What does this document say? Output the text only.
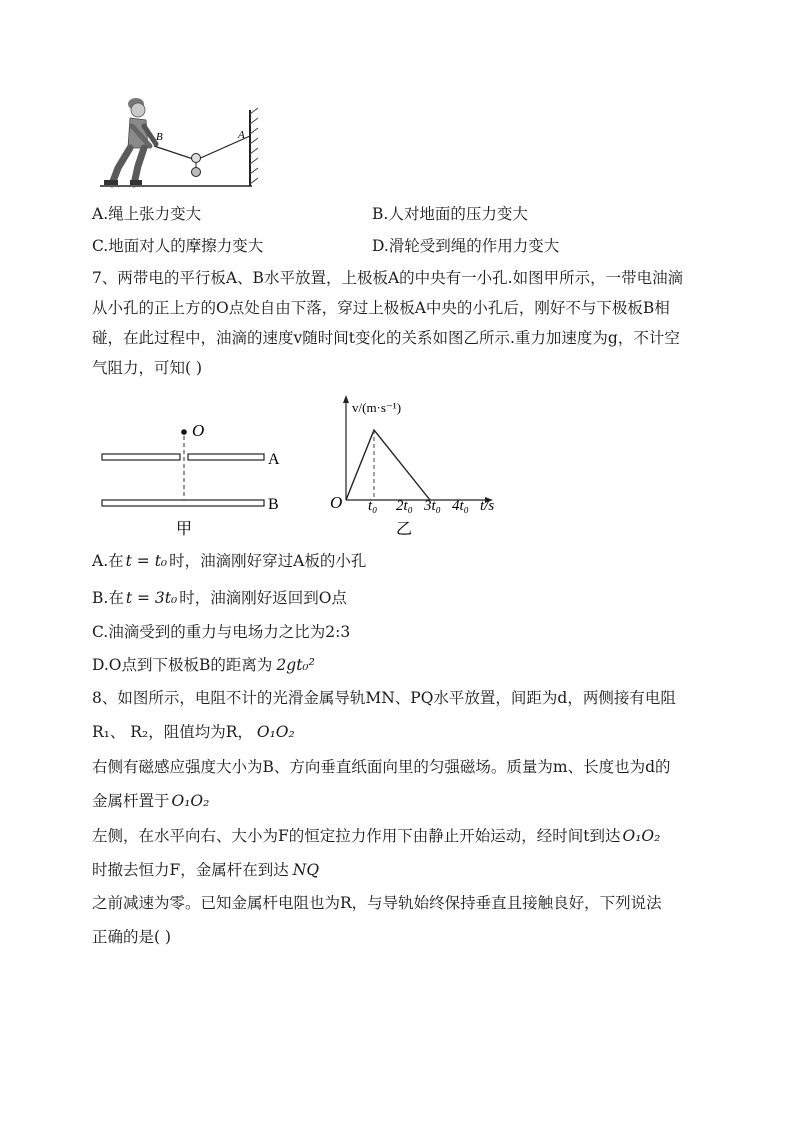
B	A
A.绳上张力变大	B.人对地面的压力变大
C.地面对人的摩擦力变大	D.滑轮受到绳的作用力变大
7、两带电的平行板A、B水平放置，上极板A的中央有一小孔.如图甲所示，一带电油滴
从小孔的正上方的O点处自由下落，穿过上极板A中央的小孔后，刚好不与下极板B相
碰，在此过程中，油滴的速度v随时间t变化的关系如图乙所示.重力加速度为g，不计空
气阻力，可知( )
O
A
B
甲
v/(m·s⁻¹)
O t₀ 2t₀ 3t₀ 4t₀ t/s
乙
A.在 t = t₀ 时，油滴刚好穿过A板的小孔
B.在 t = 3t₀ 时，油滴刚好返回到O点
C.油滴受到的重力与电场力之比为2:3
D.O点到下极板B的距离为 2gt₀²
8、如图所示，电阻不计的光滑金属导轨MN、PQ水平放置，间距为d，两侧接有电阻
R₁、 R₂，阻值均为R， O₁O₂
右侧有磁感应强度大小为B、方向垂直纸面向里的匀强磁场。质量为m、长度也为d的
金属杆置于 O₁O₂
左侧，在水平向右、大小为F的恒定拉力作用下由静止开始运动，经时间t到达 O₁O₂
时撤去恒力F，金属杆在到达 NQ
之前减速为零。已知金属杆电阻也为R，与导轨始终保持垂直且接触良好，下列说法
正确的是( )
